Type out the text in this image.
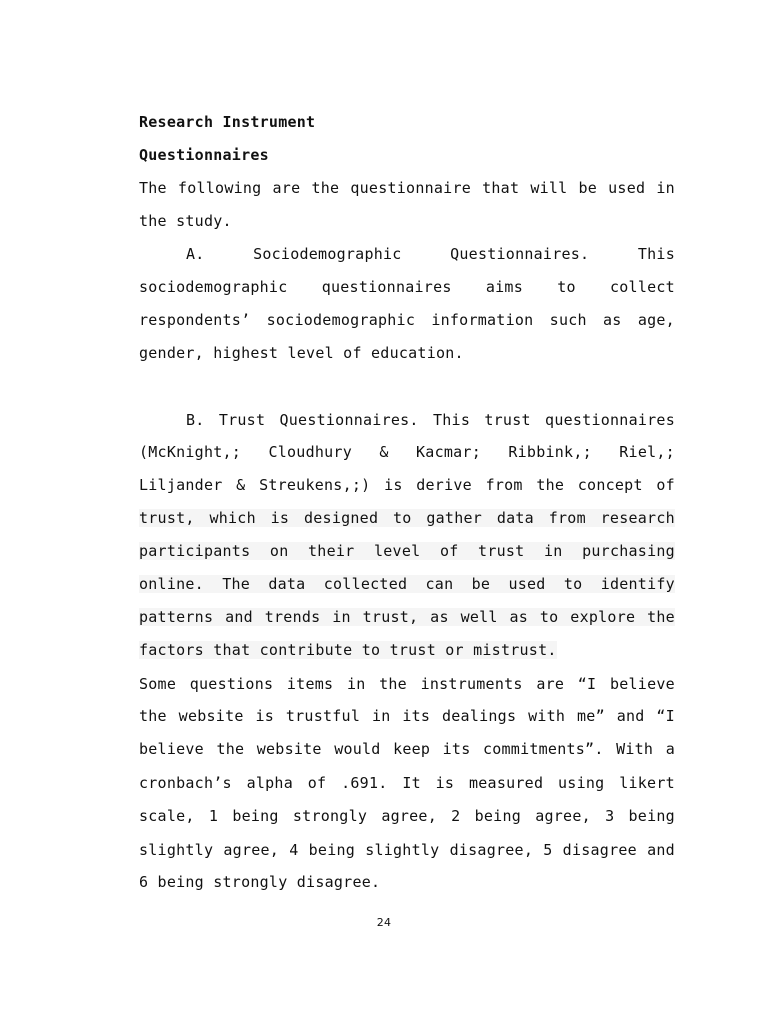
Research Instrument
Questionnaires
The following are the questionnaire that will be used in
the study.
A.	Sociodemographic	Questionnaires.	This
sociodemographic questionnaires aims to collect
respondents’ sociodemographic information such as age,
gender, highest level of education.
B. Trust Questionnaires. This trust questionnaires
(McKnight,; Cloudhury & Kacmar; Ribbink,; Riel,;
Liljander & Streukens,;) is derive from the concept of
trust, which is designed to gather data from research
participants on their level of trust in purchasing
online. The data collected can be used to identify
patterns and trends in trust, as well as to explore the
factors that contribute to trust or mistrust.
Some questions items in the instruments are “I believe
the website is trustful in its dealings with me” and “I
believe the website would keep its commitments”. With a
cronbach’s alpha of .691. It is measured using likert
scale, 1 being strongly agree, 2 being agree, 3 being
slightly agree, 4 being slightly disagree, 5 disagree and
6 being strongly disagree.
24
